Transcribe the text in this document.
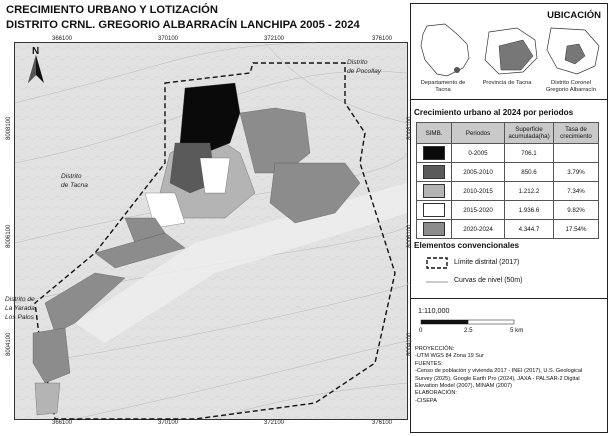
CRECIMIENTO URBANO Y LOTIZACIÓN
DISTRITO CRNL. GREGORIO ALBARRACÍN LANCHIPA 2005 - 2024
Distrito
de Pocollay
Distrito
de Tacna
Distrito de
La Yarada
Los Palos
366100	370100	372100	376100
366100	370100	372100	376100
8008100
8006100
8004100
8008100
8006100
8004100
N
UBICACIÓN
Departamento de Tacna
Provincia de Tacna	Distrito Coronel Gregorio Albarracín
Crecimiento urbano al 2024 por periodos
SIMB.	Periodos	Superficie acumulada(ha)	Tasa de crecimiento
	0-2005	706.1	
	2005-2010	850.6	3.79%
	2010-2015	1.212.2	7.34%
	2015-2020	1.936.6	9.82%
	2020-2024	4.344.7	17.54%
Elementos convencionales
Límite distrital (2017)
Curvas de nivel (50m)
1:110,000
0	2.5	5 km
PROYECCIÓN:
-UTM WGS 84 Zona 19 Sur
FUENTES:
-Censo de población y vivienda 2017 - INEI (2017), U.S. Geological
Survey (2025), Google Earth Pro (2024), JAXA - PALSAR-2 Digital
Elevation Model (2007), MINAM (2007)
ELABORACIÓN:
-CISEPA
